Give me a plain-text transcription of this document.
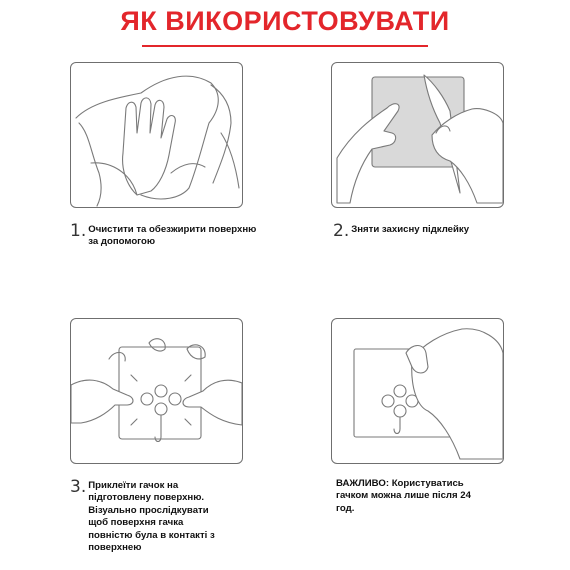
ЯК ВИКОРИСТОВУВАТИ
1. Очистити та обезжирити поверхню
за допомогою
2. Зняти захисну підклейку
3. Приклеїти гачок на
підготовлену поверхню.
Візуально прослідкувати
щоб поверхня гачка
повністю була в контакті з
поверхнею
ВАЖЛИВО: Користуватись
гачком можна лише після 24
год.
